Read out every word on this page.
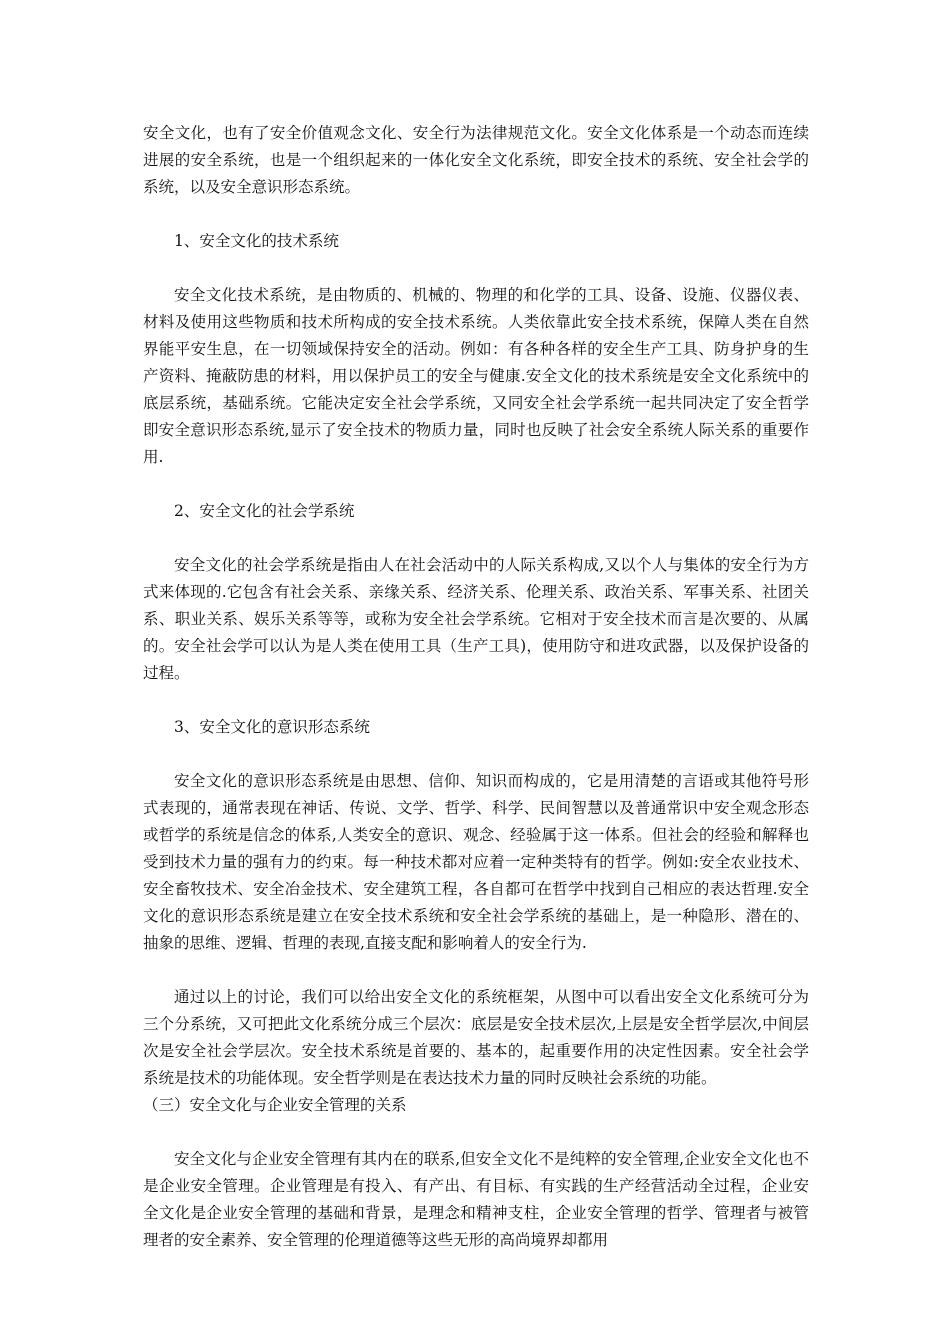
安全文化，也有了安全价值观念文化、安全行为法律规范文化。安全文化体系是一个动态而连续进展的安全系统，也是一个组织起来的一体化安全文化系统，即安全技术的系统、安全社会学的系统，以及安全意识形态系统。

1、安全文化的技术系统

安全文化技术系统，是由物质的、机械的、物理的和化学的工具、设备、设施、仪器仪表、材料及使用这些物质和技术所构成的安全技术系统。人类依靠此安全技术系统，保障人类在自然界能平安生息，在一切领域保持安全的活动。例如：有各种各样的安全生产工具、防身护身的生产资料、掩蔽防患的材料，用以保护员工的安全与健康.安全文化的技术系统是安全文化系统中的底层系统，基础系统。它能决定安全社会学系统，又同安全社会学系统一起共同决定了安全哲学即安全意识形态系统,显示了安全技术的物质力量，同时也反映了社会安全系统人际关系的重要作用.

2、安全文化的社会学系统

安全文化的社会学系统是指由人在社会活动中的人际关系构成,又以个人与集体的安全行为方式来体现的.它包含有社会关系、亲缘关系、经济关系、伦理关系、政治关系、军事关系、社团关系、职业关系、娱乐关系等等，或称为安全社会学系统。它相对于安全技术而言是次要的、从属的。安全社会学可以认为是人类在使用工具（生产工具)，使用防守和进攻武器，以及保护设备的过程。

3、安全文化的意识形态系统

安全文化的意识形态系统是由思想、信仰、知识而构成的，它是用清楚的言语或其他符号形式表现的，通常表现在神话、传说、文学、哲学、科学、民间智慧以及普通常识中安全观念形态或哲学的系统是信念的体系,人类安全的意识、观念、经验属于这一体系。但社会的经验和解释也受到技术力量的强有力的约束。每一种技术都对应着一定种类特有的哲学。例如:安全农业技术、安全畜牧技术、安全冶金技术、安全建筑工程，各自都可在哲学中找到自己相应的表达哲理.安全文化的意识形态系统是建立在安全技术系统和安全社会学系统的基础上，是一种隐形、潜在的、抽象的思维、逻辑、哲理的表现,直接支配和影响着人的安全行为.

通过以上的讨论，我们可以给出安全文化的系统框架，从图中可以看出安全文化系统可分为三个分系统，又可把此文化系统分成三个层次：底层是安全技术层次,上层是安全哲学层次,中间层次是安全社会学层次。安全技术系统是首要的、基本的，起重要作用的决定性因素。安全社会学系统是技术的功能体现。安全哲学则是在表达技术力量的同时反映社会系统的功能。

（三）安全文化与企业安全管理的关系

安全文化与企业安全管理有其内在的联系,但安全文化不是纯粹的安全管理,企业安全文化也不是企业安全管理。企业管理是有投入、有产出、有目标、有实践的生产经营活动全过程，企业安全文化是企业安全管理的基础和背景，是理念和精神支柱，企业安全管理的哲学、管理者与被管理者的安全素养、安全管理的伦理道德等这些无形的高尚境界却都用
